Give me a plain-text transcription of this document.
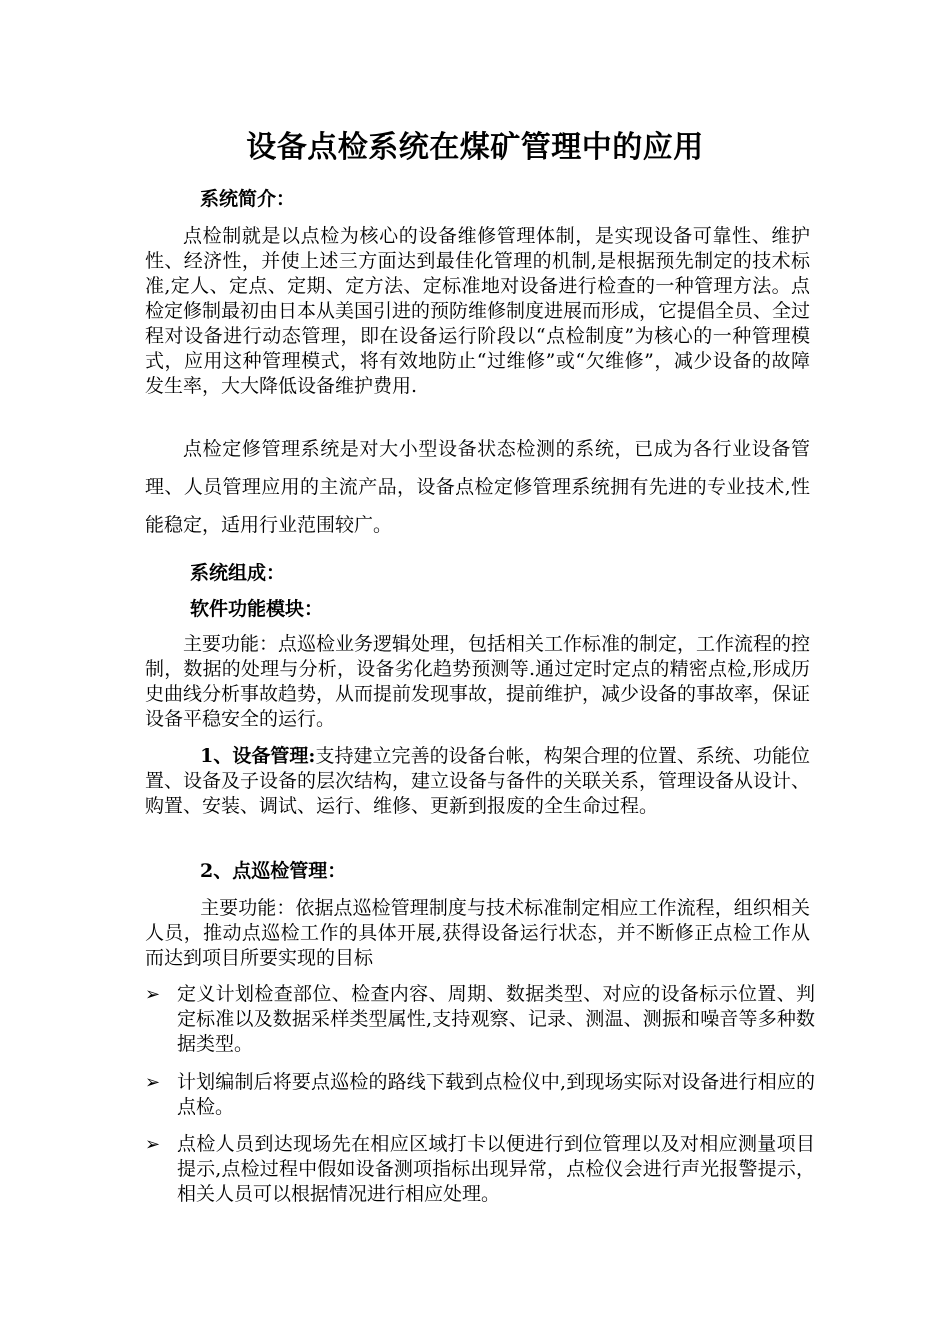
设备点检系统在煤矿管理中的应用
系统简介：
点检制就是以点检为核心的设备维修管理体制，是实现设备可靠性、维护性、经济性，并使上述三方面达到最佳化管理的机制,是根据预先制定的技术标准,定人、定点、定期、定方法、定标准地对设备进行检查的一种管理方法。点检定修制最初由日本从美国引进的预防维修制度进展而形成，它提倡全员、全过程对设备进行动态管理，即在设备运行阶段以“点检制度”为核心的一种管理模式，应用这种管理模式，将有效地防止“过维修”或“欠维修”，减少设备的故障发生率，大大降低设备维护费用.
点检定修管理系统是对大小型设备状态检测的系统，已成为各行业设备管理、人员管理应用的主流产品，设备点检定修管理系统拥有先进的专业技术,性能稳定，适用行业范围较广。
系统组成：
软件功能模块：
主要功能：点巡检业务逻辑处理，包括相关工作标准的制定，工作流程的控制，数据的处理与分析，设备劣化趋势预测等.通过定时定点的精密点检,形成历史曲线分析事故趋势，从而提前发现事故，提前维护，减少设备的事故率，保证设备平稳安全的运行。
1、设备管理:支持建立完善的设备台帐，构架合理的位置、系统、功能位置、设备及子设备的层次结构，建立设备与备件的关联关系，管理设备从设计、购置、安装、调试、运行、维修、更新到报废的全生命过程。
2、点巡检管理：
主要功能：依据点巡检管理制度与技术标准制定相应工作流程，组织相关人员，推动点巡检工作的具体开展,获得设备运行状态，并不断修正点检工作从而达到项目所要实现的目标
➢ 定义计划检查部位、检查内容、周期、数据类型、对应的设备标示位置、判定标准以及数据采样类型属性,支持观察、记录、测温、测振和噪音等多种数据类型。
➢ 计划编制后将要点巡检的路线下载到点检仪中,到现场实际对设备进行相应的点检。
➢ 点检人员到达现场先在相应区域打卡以便进行到位管理以及对相应测量项目提示,点检过程中假如设备测项指标出现异常，点检仪会进行声光报警提示，相关人员可以根据情况进行相应处理。
